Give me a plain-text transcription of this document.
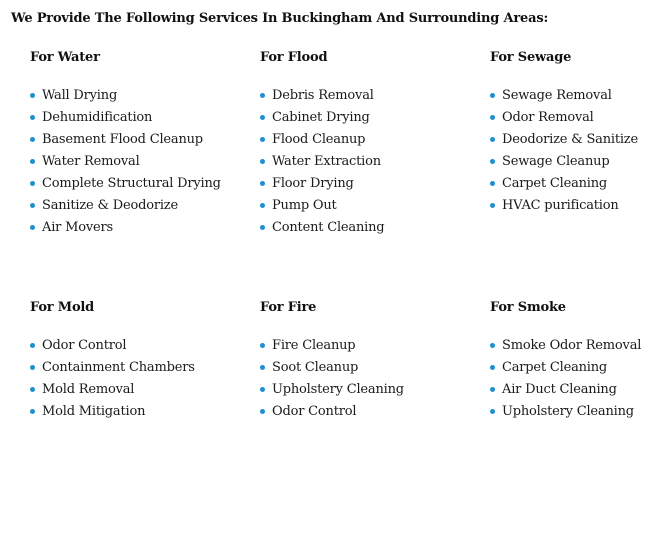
We Provide The Following Services In Buckingham And Surrounding Areas:
For Water
Wall Drying
Dehumidification
Basement Flood Cleanup
Water Removal
Complete Structural Drying
Sanitize & Deodorize
Air Movers
For Flood
Debris Removal
Cabinet Drying
Flood Cleanup
Water Extraction
Floor Drying
Pump Out
Content Cleaning
For Sewage
Sewage Removal
Odor Removal
Deodorize & Sanitize
Sewage Cleanup
Carpet Cleaning
HVAC purification
For Mold
Odor Control
Containment Chambers
Mold Removal
Mold Mitigation
For Fire
Fire Cleanup
Soot Cleanup
Upholstery Cleaning
Odor Control
For Smoke
Smoke Odor Removal
Carpet Cleaning
Air Duct Cleaning
Upholstery Cleaning
